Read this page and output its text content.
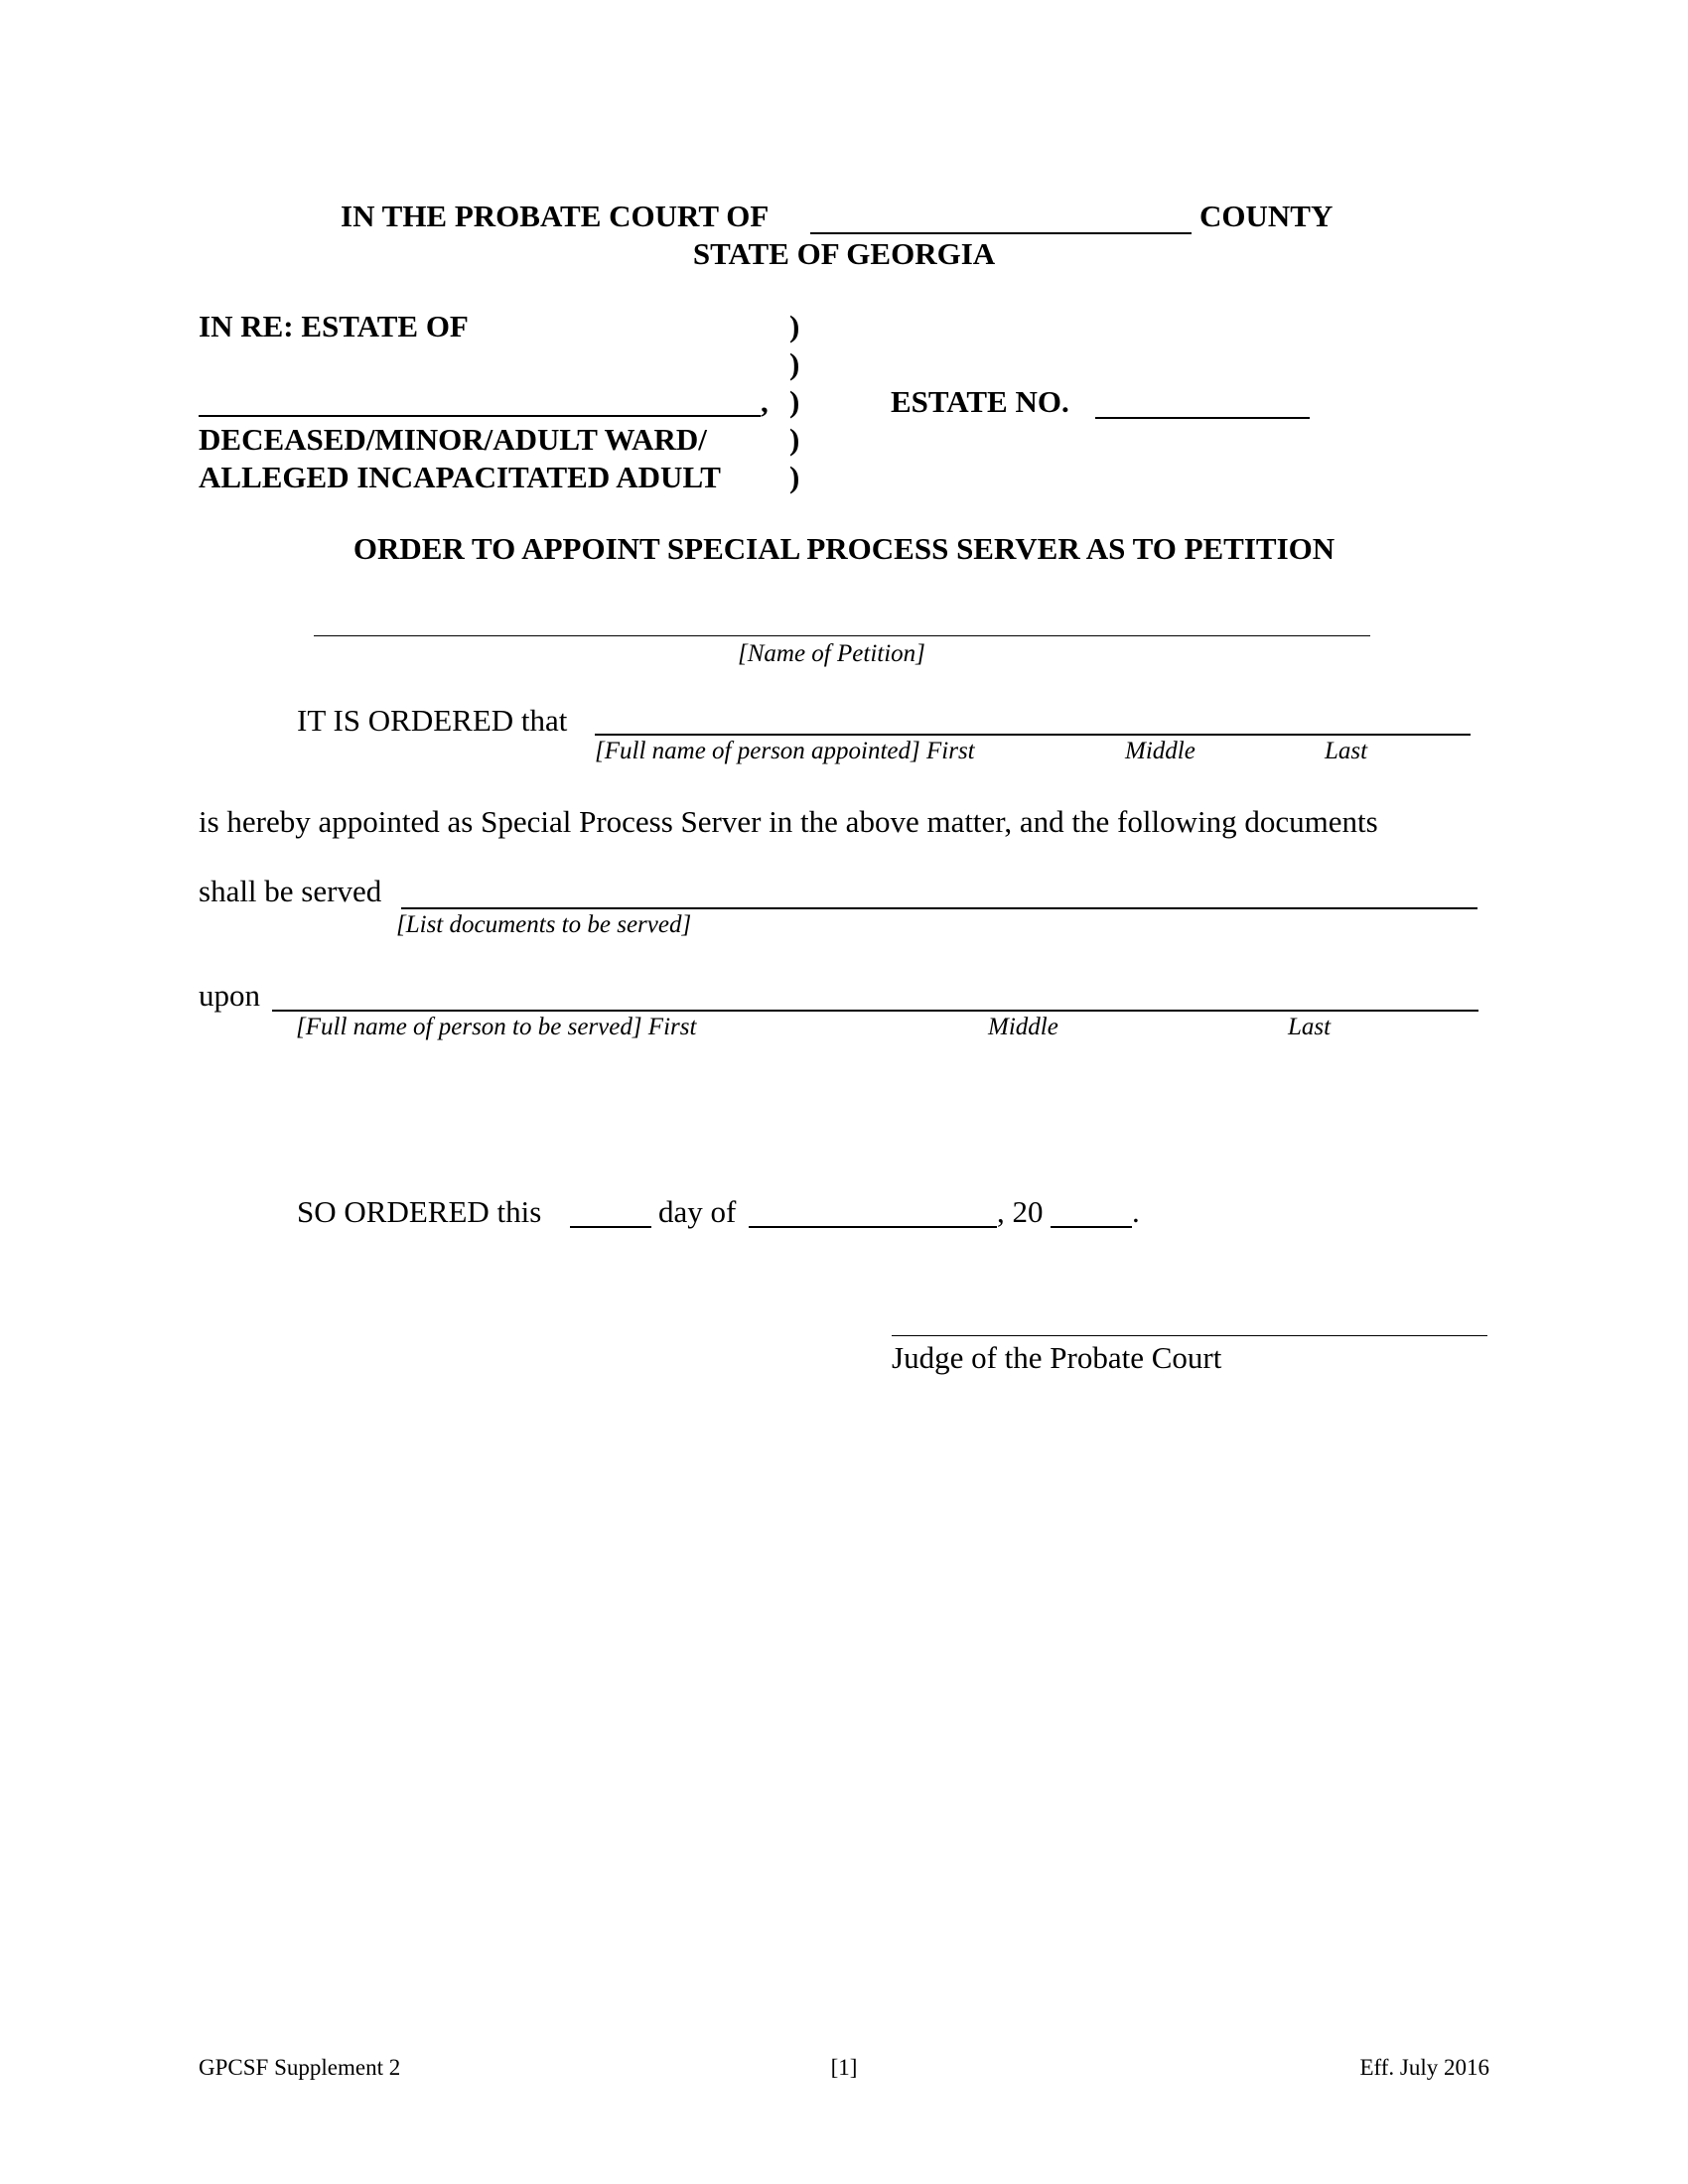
IN THE PROBATE COURT OF	COUNTY
STATE OF GEORGIA
IN RE: ESTATE OF
,
DECEASED/MINOR/ADULT WARD/
ALLEGED INCAPACITATED ADULT
)
)
)
)
)
ESTATE NO.
ORDER TO APPOINT SPECIAL PROCESS SERVER AS TO PETITION
[Name of Petition]
IT IS ORDERED that
[Full name of person appointed] First	Middle	Last
is hereby appointed as Special Process Server in the above matter, and the following documents
shall be served
[List documents to be served]
upon
[Full name of person to be served] First	Middle	Last
SO ORDERED this	day of	, 20	.
Judge of the Probate Court
GPCSF Supplement 2	[1]	Eff. July 2016
